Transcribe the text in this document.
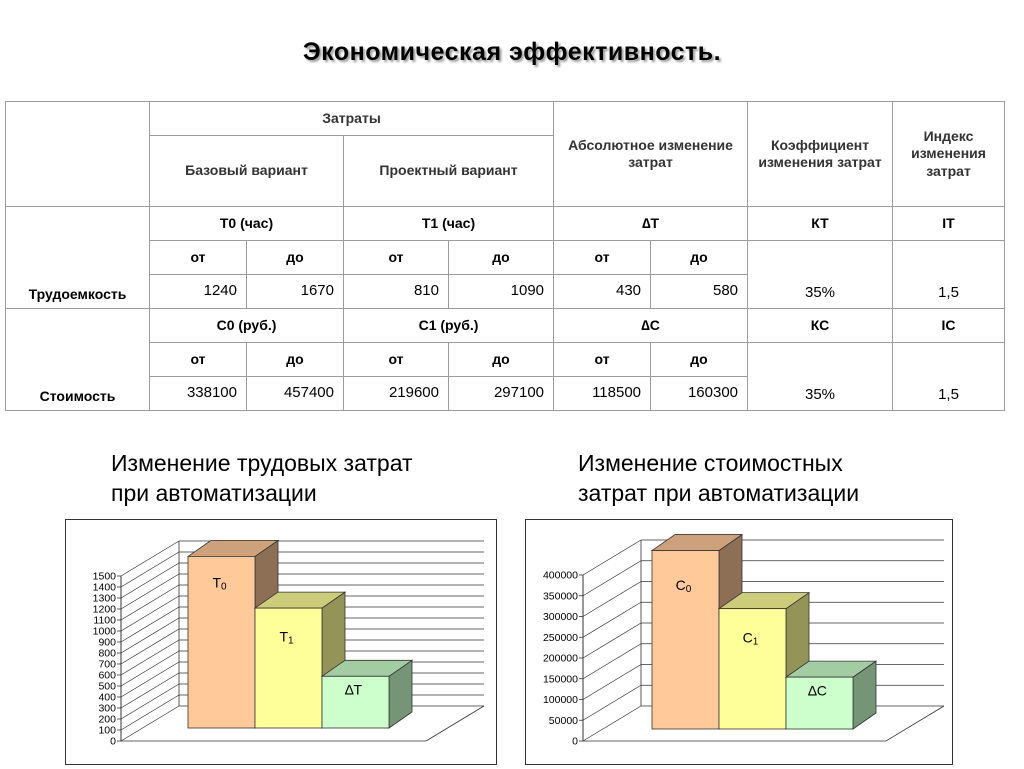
Экономическая эффективность.
	Затраты				Абсолютное изменение затрат		Коэффициент изменения затрат	Индекс изменения затрат
	Базовый вариант		Проектный вариант					
Трудоемкость	Т0 (час)		Т1 (час)		∆T		КТ	IТ
	от	до	от	до	от	до	35%	1,5
	1240	1670	810	1090	430	580		
Стоимость	С0 (руб.)		С1 (руб.)		∆C		КС	IС
	от	до	от	до	от	до	35%	1,5
	338100	457400	219600	297100	118500	160300		
Изменение трудовых затрат
при автоматизации
Изменение стоимостных
затрат при автоматизации
0
100
200
300
400
500
600
700
800
900
1000
1100
1200
1300
1400
1500	T0
T1
∆T
0
50000
100000
150000
200000
250000
300000
350000
400000
C0
C1
∆C
